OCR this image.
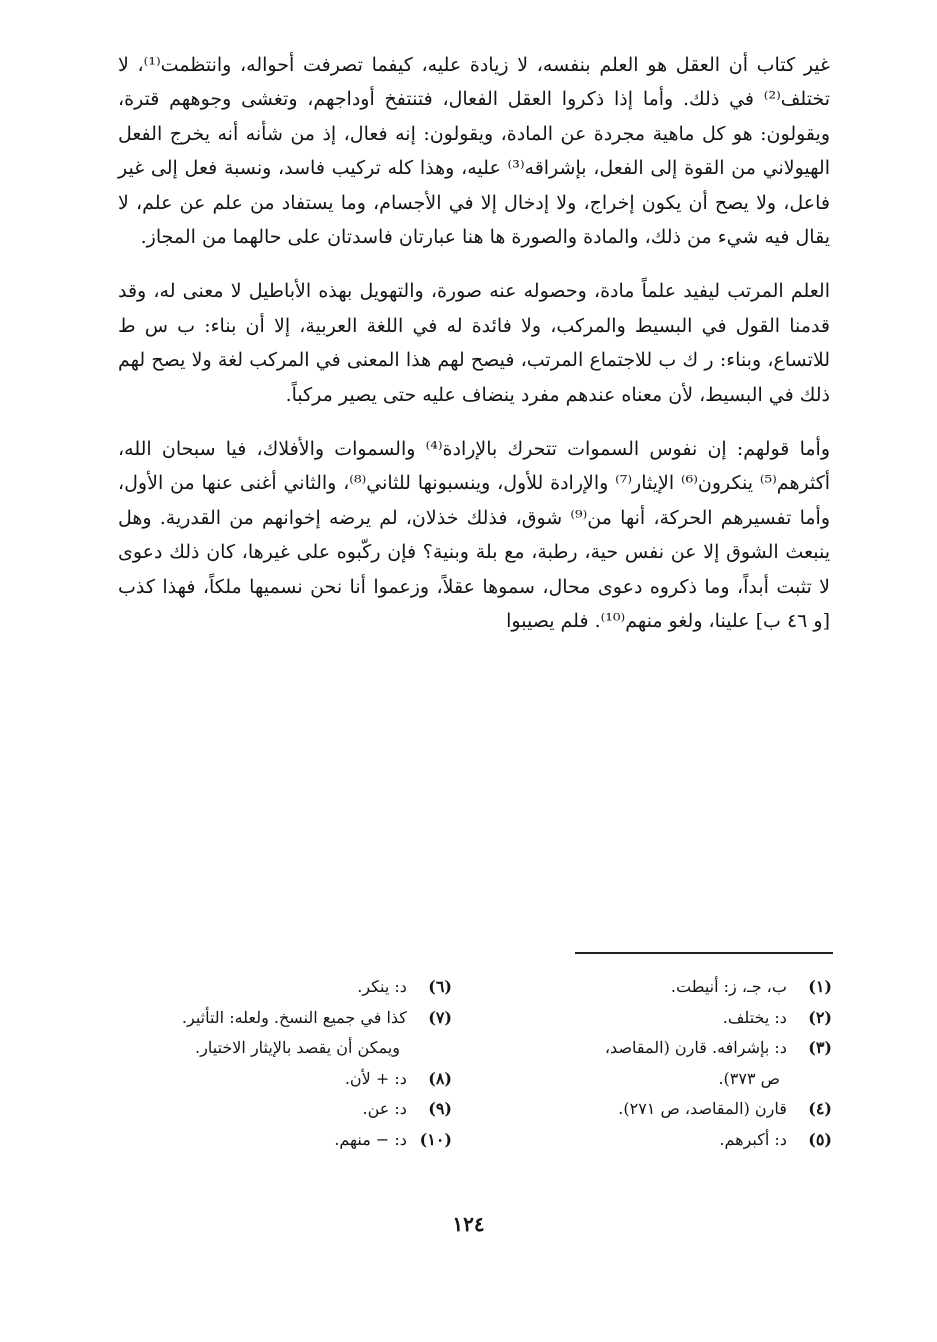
غير كتاب أن العقل هو العلم بنفسه، لا زيادة عليه، كيفما تصرفت أحواله، وانتظمت⁽¹⁾، لا تختلف⁽²⁾ في ذلك. وأما إذا ذكروا العقل الفعال، فتنتفخ أوداجهم، وتغشى وجوههم قترة، ويقولون: هو كل ماهية مجردة عن المادة، ويقولون: إنه فعال، إذ من شأنه أنه يخرج الفعل الهيولاني من القوة إلى الفعل، بإشراقه⁽³⁾ عليه، وهذا كله تركيب فاسد، ونسبة فعل إلى غير فاعل، ولا يصح أن يكون إخراج، ولا إدخال إلا في الأجسام، وما يستفاد من علم عن علم، لا يقال فيه شيء من ذلك، والمادة والصورة ها هنا عبارتان فاسدتان على حالهما من المجاز.

العلم المرتب ليفيد علماً مادة، وحصوله عنه صورة، والتهويل بهذه الأباطيل لا معنى له، وقد قدمنا القول في البسيط والمركب، ولا فائدة له في اللغة العربية، إلا أن بناء: ب س ط للاتساع، وبناء: ر ك ب للاجتماع المرتب، فيصح لهم هذا المعنى في المركب لغة ولا يصح لهم ذلك في البسيط، لأن معناه عندهم مفرد ينضاف عليه حتى يصير مركباً.

وأما قولهم: إن نفوس السموات تتحرك بالإرادة⁽⁴⁾ والسموات والأفلاك، فيا سبحان الله، أكثرهم⁽⁵⁾ ينكرون⁽⁶⁾ الإيثار⁽⁷⁾ والإرادة للأول، وينسبونها للثاني⁽⁸⁾، والثاني أغنى عنها من الأول، وأما تفسيرهم الحركة، أنها من⁽⁹⁾ شوق، فذلك خذلان، لم يرضه إخوانهم من القدرية. وهل ينبعث الشوق إلا عن نفس حية، رطبة، مع بلة وبنية؟ فإن ركّبوه على غيرها، كان ذلك دعوى لا تثبت أبداً، وما ذكروه دعوى محال، سموها عقلاً، وزعموا أنا نحن نسميها ملكاً، فهذا كذب [و ٤٦ ب] علينا، ولغو منهم⁽¹⁰⁾. فلم يصيبوا

(١) ب، جـ، ز: أنيطت.

(٢) د: يختلف.

(٣) د: بإشرافه. قارن (المقاصد،

ص ٣٧٣).

(٤) قارن (المقاصد، ص ٢٧١).

(٥) د: أكبرهم.

(٦) د: ينكر.

(٧) كذا في جميع النسخ. ولعله: التأثير.

ويمكن أن يقصد بالإيثار الاختيار.

(٨) د: + لأن.

(٩) د: عن.

(١٠) د: − منهم.

١٢٤
